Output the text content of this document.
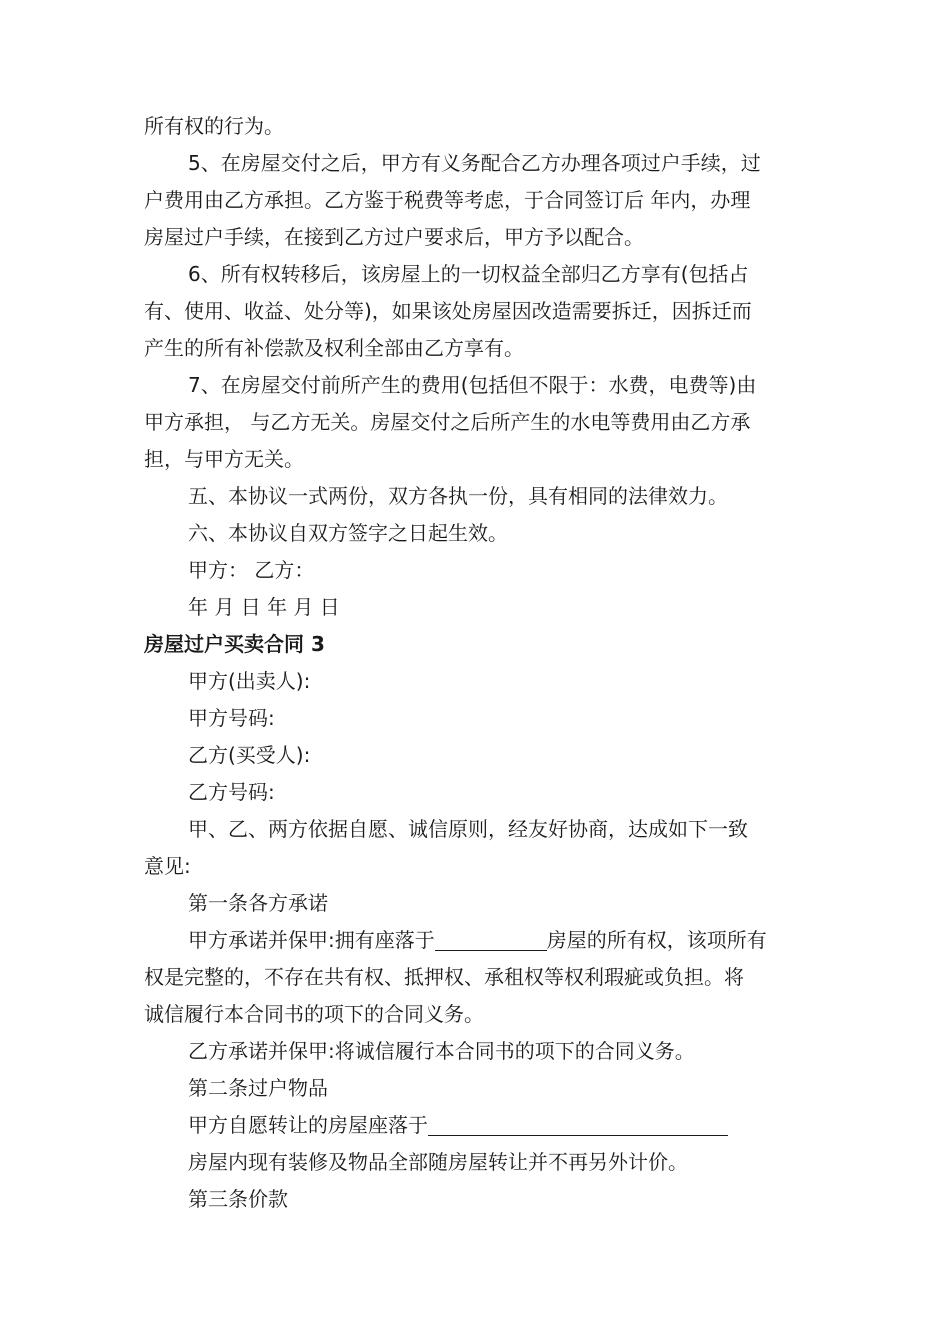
所有权的行为。
5、在房屋交付之后，甲方有义务配合乙方办理各项过户手续，过
户费用由乙方承担。乙方鉴于税费等考虑，于合同签订后 年内，办理
房屋过户手续，在接到乙方过户要求后，甲方予以配合。
6、所有权转移后，该房屋上的一切权益全部归乙方享有(包括占
有、使用、收益、处分等)，如果该处房屋因改造需要拆迁，因拆迁而
产生的所有补偿款及权利全部由乙方享有。
7、在房屋交付前所产生的费用(包括但不限于：水费，电费等)由
甲方承担， 与乙方无关。房屋交付之后所产生的水电等费用由乙方承
担，与甲方无关。
五、本协议一式两份，双方各执一份，具有相同的法律效力。
六、本协议自双方签字之日起生效。
甲方： 乙方：
年 月 日 年 月 日
房屋过户买卖合同 3
甲方(出卖人):
甲方号码:
乙方(买受人):
乙方号码:
甲、乙、两方依据自愿、诚信原则，经友好协商，达成如下一致
意见:
第一条各方承诺
甲方承诺并保甲:拥有座落于	房屋的所有权，该项所有
权是完整的，不存在共有权、抵押权、承租权等权利瑕疵或负担。将
诚信履行本合同书的项下的合同义务。
乙方承诺并保甲:将诚信履行本合同书的项下的合同义务。
第二条过户物品
甲方自愿转让的房屋座落于
房屋内现有装修及物品全部随房屋转让并不再另外计价。
第三条价款
